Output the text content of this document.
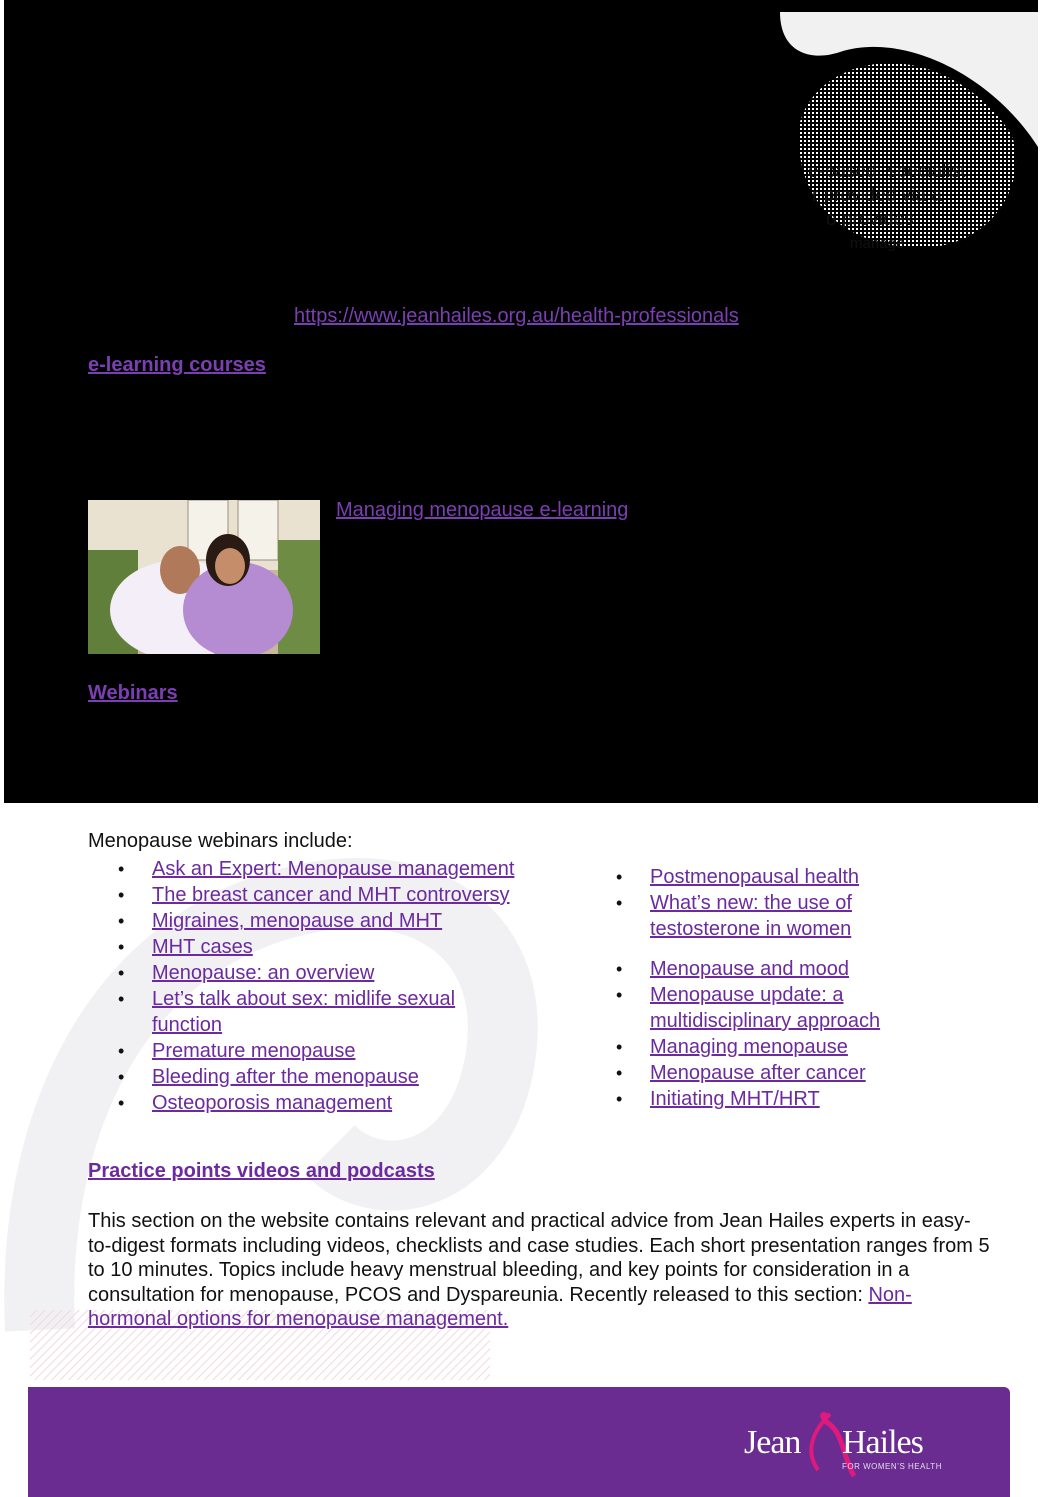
e-based, specialist
r provided via a
o provides
manage
https://www.jeanhailes.org.au/health-professionals
e-learning courses
Managing menopause e-learning
Webinars
Menopause webinars include:
• Ask an Expert: Menopause management
• The breast cancer and MHT controversy
• Migraines, menopause and MHT
• MHT cases
• Menopause: an overview
• Let’s talk about sex: midlife sexual function
• Premature menopause
• Bleeding after the menopause
• Osteoporosis management
• Postmenopausal health
• What’s new: the use of testosterone in women
• Menopause and mood
• Menopause update: a multidisciplinary approach
• Managing menopause
• Menopause after cancer
• Initiating MHT/HRT
Practice points videos and podcasts
This section on the website contains relevant and practical advice from Jean Hailes experts in easy-to-digest formats including videos, checklists and case studies. Each short presentation ranges from 5 to 10 minutes. Topics include heavy menstrual bleeding, and key points for consideration in a consultation for menopause, PCOS and Dyspareunia. Recently released to this section: Non-hormonal options for menopause management.
Jean Hailes
FOR WOMEN’S HEALTH
